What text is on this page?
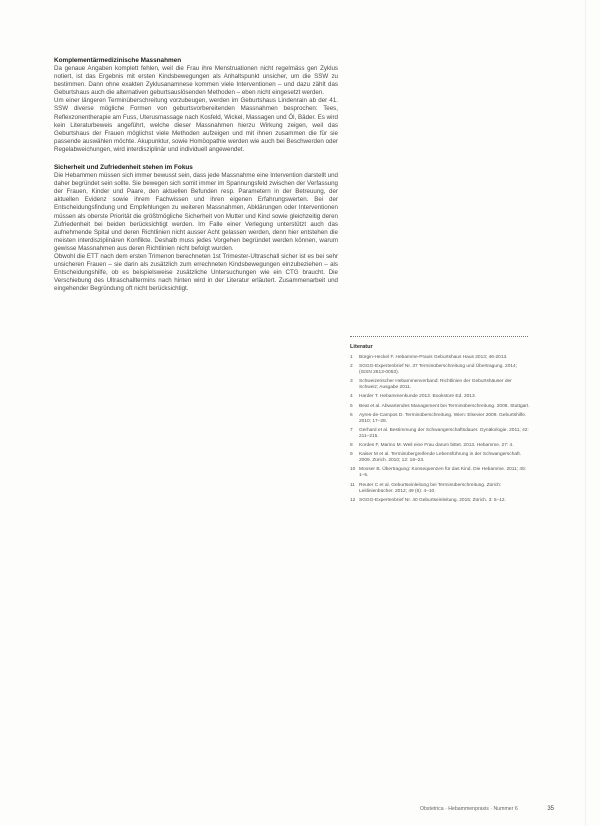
Komplementärmedizinische Massnahmen

Da genaue Angaben komplett fehlen, weil die Frau ihre Menstruationen nicht regelmäss gen Zyklus notiert, ist das Ergebnis mit ersten Kindsbewegungen als Anhaltspunkt unsicher, um die SSW zu bestimmen. Dann ohne exakten Zyklusanamnese kommen viele Interventionen – und dazu zählt das Geburtshaus auch die alternativen geburtsauslösenden Methoden – eben nicht eingesetzt werden.

Um einer längeren Terminüberschreitung vorzubeugen, werden im Geburtshaus Lindenrain ab der 41. SSW diverse mögliche Formen von geburtsvorbereitenden Massnahmen besprochen: Tees, Reflexzonentherapie am Fuss, Uterusmassage nach Kosfeld, Wickel, Massagen und Öl, Bäder. Es wird kein Literaturbeweis angeführt, welche dieser Massnahmen hierzu Wirkung zeigen, weil das Geburtshaus der Frauen möglichst viele Methoden aufzeigen und mit ihnen zusammen die für sie passende auswählen möchte. Akupunktur, sowie Homöopathie werden wie auch bei Beschwerden oder Regelabweichungen, wird interdisziplinär und individuell angewendet.

Sicherheit und Zufriedenheit stehen im Fokus

Die Hebammen müssen sich immer bewusst sein, dass jede Massnahme eine Intervention darstellt und daher begründet sein sollte. Sie bewegen sich somit immer im Spannungsfeld zwischen der Verfassung der Frauen, Kinder und Paare, den aktuellen Befunden resp. Parametern in der Betreuung, der aktuellen Evidenz sowie ihrem Fachwissen und ihren eigenen Erfahrungswerten. Bei der Entscheidungsfindung und Empfehlungen zu weiteren Massnahmen, Abklärungen oder Interventionen müssen als oberste Priorität die größtmögliche Sicherheit von Mutter und Kind sowie gleichzeitig deren Zufriedenheit bei beiden berücksichtigt werden. Im Falle einer Verlegung unterstützt auch das aufnehmende Spital und deren Richtlinien nicht ausser Acht gelassen werden, denn hier entstehen die meisten interdisziplinären Konflikte. Deshalb muss jedes Vorgehen begründet werden können, warum gewisse Massnahmen aus deren Richtlinien nicht befolgt wurden.

Obwohl die ETT nach dem ersten Trimenon berechneten 1st Trimester-Ultraschall sicher ist es bei sehr unsicheren Frauen – sie darin als zusätzlich zum errechneten Kindsbewegungen einzubeziehen – als Entscheidungshilfe, ob es beispielsweise zusätzliche Untersuchungen wie ein CTG braucht. Die Verschiebung des Ultraschalltermins nach hinten wird in der Literatur erläutert. Zusammenarbeit und eingehender Begründung oft nicht berücksichtigt.

Literatur
1	Bürgin-Heckel F. Hebamme-Praxis Geburtshaus Haus 2013; 46-2013.
2	SGGG-Expertenbrief Nr. 37 Terminüberschreitung und Übertragung. 2014; (ISSN 2613-0053).
3	Schweizerischer Hebammenverband: Richtlinien der Geburtshäuser der Schweiz; Ausgabe 2011.
4	Harder T. Hebammenkunde 2013. Bookstore Ed. 2013.
5	Beat et al. Abwartendes Management bei Terminüberschreitung. 2008. Stuttgart.
6	Ayres-de-Campos D. Terminüberschreitung. Wien: Elsevier 2009. Geburtshilfe. 2010; 17–28.
7	Gerhard et al. Bestimmung der Schwangerschaftsdauer. Gynäkologie. 2011; 42: 211–215.
8	Kordes F, Marino M. Weil eine Frau darum bittet. 2013. Hebamme. 27: 4.
9	Kaiser M et al. Terminübergreifende Lebensführung in der Schwangerschaft. 2009. Zürich. 2010; 12: 18–23.
10 Mooser B. Übertragung: Konsequenzen für das Kind. Die Hebamme. 2011; 45: 1–5.
11 Reuter C et al. Geburtseinleitung bei Terminüberschreitung. Zürich: Leitlinienbücher. 2012; 49 (6): 4–10.
12 SGGG-Expertenbrief Nr. 40 Geburtseinleitung. 2015; Zürich. 3: 5–12.
Obstetrica · Hebammenpraxis · Nummer 6	35
